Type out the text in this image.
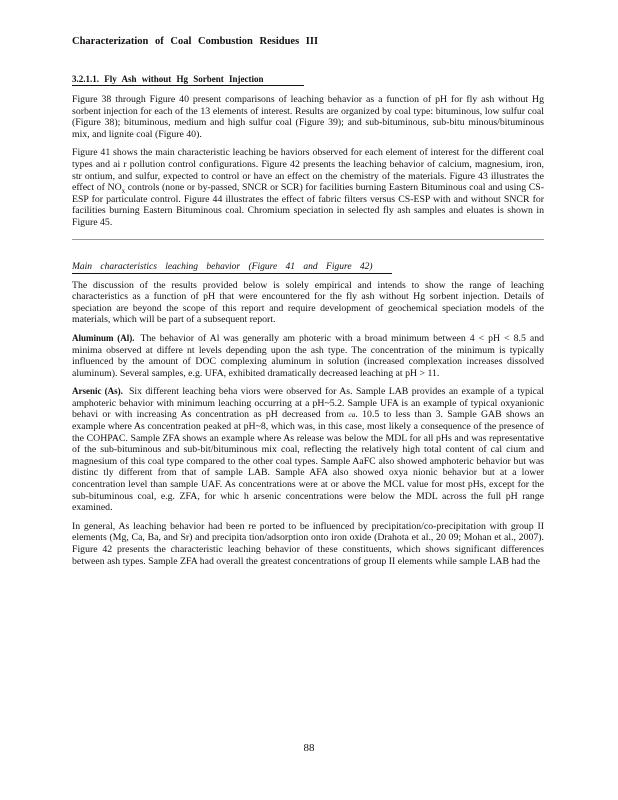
Characterization of Coal Combustion Residues III
3.2.1.1. Fly Ash without Hg Sorbent Injection

Figure 38 through Figure 40 present comparisons of leaching behavior as a function of pH for fly ash without Hg sorbent injection for each of the 13 elements of interest. Results are organized by coal type: bituminous, low sulfur coal (Figure 38); bituminous, medium and high sulfur coal (Figure 39); and sub-bituminous, sub-bitu minous/bituminous mix, and lignite coal (Figure 40).

Figure 41 shows the main characteristic leaching be haviors observed for each element of interest for the different coal types and ai r pollution control configurations. Figure 42 presents the leaching behavior of calcium, magnesium, iron, str ontium, and sulfur, expected to control or have an effect on the chemistry of the materials. Figure 43 illustrates the effect of $NO_x$ controls (none or by-passed, SNCR or SCR) for facilities burning Eastern Bituminous coal and using CS-ESP for particulate control. Figure 44 illustrates the effect of fabric filters versus CS-ESP with and without SNCR for facilities burning Eastern Bituminous coal. Chromium speciation in selected fly ash samples and eluates is shown in Figure 45.

Main characteristics leaching behavior (Figure 41 and Figure 42)

The discussion of the results provided below is solely empirical and intends to show the range of leaching characteristics as a function of pH that were encountered for the fly ash without Hg sorbent injection. Details of speciation are beyond the scope of this report and require development of geochemical speciation models of the materials, which will be part of a subsequent report.

Aluminum (Al). The behavior of Al was generally am photeric with a broad minimum between 4 < pH < 8.5 and minima observed at differe nt levels depending upon the ash type. The concentration of the minimum is typically influenced by the amount of DOC complexing aluminum in solution (increased complexation increases dissolved aluminum). Several samples, e.g. UFA, exhibited dramatically decreased leaching at pH > 11.

Arsenic (As). Six different leaching beha viors were observed for As. Sample LAB provides an example of a typical amphoteric behavior with minimum leaching occurring at a pH~5.2. Sample UFA is an example of typical oxyanionic behavi or with increasing As concentration as pH decreased from ca. 10.5 to less than 3. Sample GAB shows an example where As concentration peaked at pH~8, which was, in this case, most likely a consequence of the presence of the COHPAC. Sample ZFA shows an example where As release was below the MDL for all pHs and was representative of the sub-bituminous and sub-bit/bituminous mix coal, reflecting the relatively high total content of cal cium and magnesium of this coal type compared to the other coal types. Sample AaFC also showed amphoteric behavior but was distinc tly different from that of sample LAB. Sample AFA also showed oxya nionic behavior but at a lower concentration level than sample UAF. As concentrations were at or above the MCL value for most pHs, except for the sub-bituminous coal, e.g. ZFA, for whic h arsenic concentrations were below the MDL across the full pH range examined.

In general, As leaching behavior had been re ported to be influenced by precipitation/co-precipitation with group II elements (Mg, Ca, Ba, and Sr) and precipita tion/adsorption onto iron oxide (Drahota et al., 20 09; Mohan et al., 2007). Figure 42 presents the characteristic leaching behavior of these constituents, which shows significant differences between ash types. Sample ZFA had overall the greatest concentrations of group II elements while sample LAB had the

88
